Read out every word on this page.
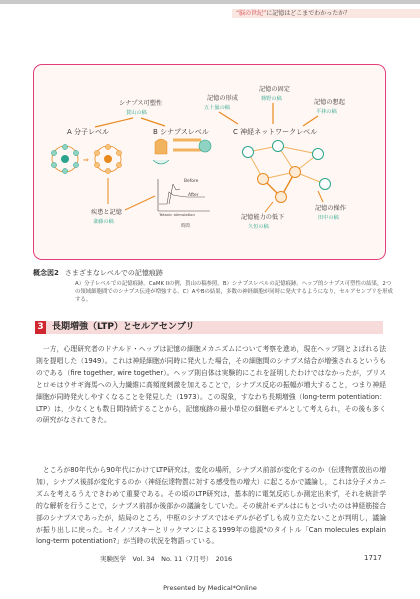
“脳の世紀”に記憶はどこまでわかったか？
シナプス可塑性
賀山の稿
記憶の形成
五十嵐の稿
記憶の固定
篠野の稿	記憶の想起
平林の稿
A 分子レベル	B シナプスレベル	C 神経ネットワークレベル
⇒
Before
After
Tetanic stimulation
時間
疾患と記憶
斎藤の稿
記憶能力の低下
久恒の稿
記憶の操作
田中の稿
概念図2 さまざまなレベルでの記憶痕跡
A）分子レベルでの記憶痕跡。CaMK IIの例，賀山の稿参照。B）シナプスレベルの記憶痕跡。ヘッブ的シナプス可塑性の結果，2つの領域細胞間でのシナプス伝達が増強する。C）AやBの結果，多数の神経細胞が同時に発火するようになり，セルアセンブリを形成する。
3 長期増強（LTP）とセルアセンブリ
　一方，心理研究者のドナルド・ヘッブは記憶の細胞メカニズムについて考察を進め，現在ヘッブ則とよばれる法則を提唱した（1949）。これは神経細胞が同時に発火した場合，その細胞間のシナプス結合が増強されるというものである（fire together, wire together）。ヘッブ則自体は実験的にこれを証明したわけではなかったが，ブリスとロモはウサギ海馬への入力繊維に高頻度刺激を加えることで，シナプス反応の振幅が増大すること，つまり神経細胞が同時発火しやすくなることを発見した（1973）。この現象，すなわち長期増強（long-term potentiation：LTP）は，少なくとも数日間持続することから，記憶痕跡の最小単位の細胞モデルとして考えられ，その後も多くの研究がなされてきた。
　ところが80年代から90年代にかけてLTP研究は，変化の場所，シナプス前部が変化するのか（伝達物質放出の増加），シナプス後部が変化するのか（神経伝達物質に対する感受性の増大）に起こるかで議論し，これは分子メカニズムを考えるうえできわめて重要である。その頃のLTP研究は，基本的に電気反応しか測定出来ず，それを統計学的な解析を行うことで，シナプス前部か後部かの議論をしていた。その統計モデルはにもとづいたのは神経筋接合部のシナプスであったが，結局のところ，中枢のシナプスではモデルが必ずしも成り立たないことが判明し，議論が振り出しに戻った。セイノフスキーとリックマンによる1999年の総説⁴のタイトル「Can molecules explain long-term potentiation?」が当時の状況を物語っている。
実験医学　Vol. 34　No. 11（7月号）　2016	1717
Presented by Medical*Online
